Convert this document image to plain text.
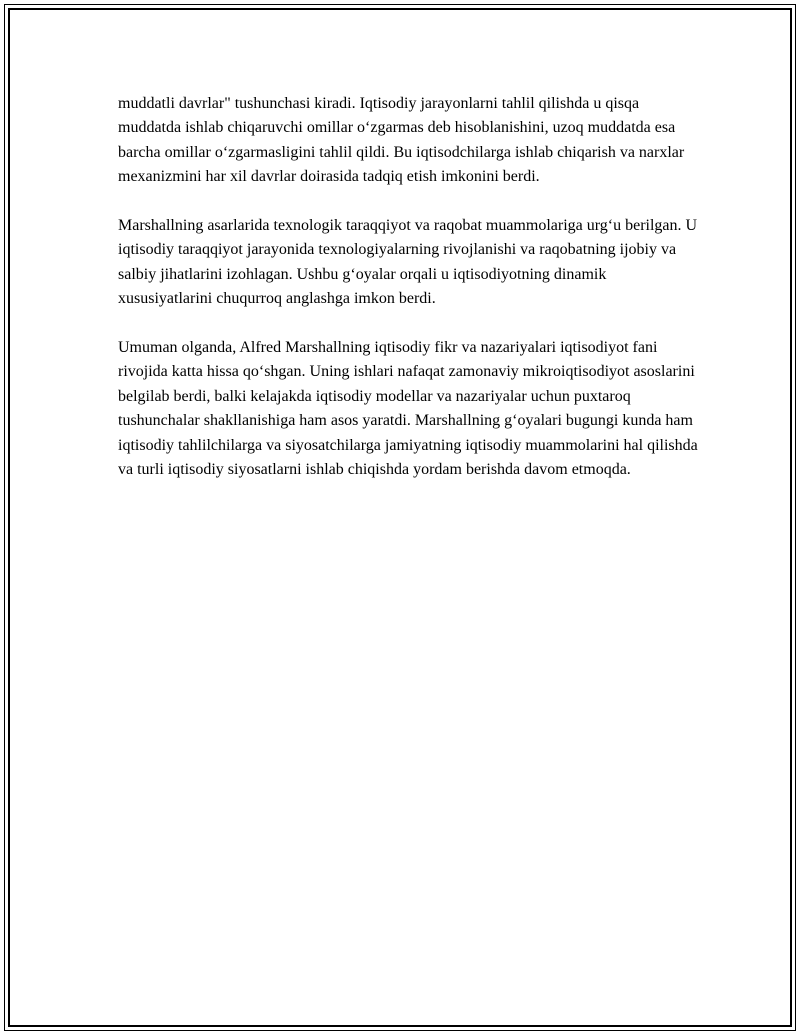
muddatli davrlar" tushunchasi kiradi. Iqtisodiy jarayonlarni tahlil qilishda u qisqa muddatda ishlab chiqaruvchi omillar o‘zgarmas deb hisoblanishini, uzoq muddatda esa barcha omillar o‘zgarmasligini tahlil qildi. Bu iqtisodchilarga ishlab chiqarish va narxlar mexanizmini har xil davrlar doirasida tadqiq etish imkonini berdi.

Marshallning asarlarida texnologik taraqqiyot va raqobat muammolariga urg‘u berilgan. U iqtisodiy taraqqiyot jarayonida texnologiyalarning rivojlanishi va raqobatning ijobiy va salbiy jihatlarini izohlagan. Ushbu g‘oyalar orqali u iqtisodiyotning dinamik xususiyatlarini chuqurroq anglashga imkon berdi.

Umuman olganda, Alfred Marshallning iqtisodiy fikr va nazariyalari iqtisodiyot fani rivojida katta hissa qo‘shgan. Uning ishlari nafaqat zamonaviy mikroiqtisodiyot asoslarini belgilab berdi, balki kelajakda iqtisodiy modellar va nazariyalar uchun puxtaroq tushunchalar shakllanishiga ham asos yaratdi. Marshallning g‘oyalari bugungi kunda ham iqtisodiy tahlilchilarga va siyosatchilarga jamiyatning iqtisodiy muammolarini hal qilishda va turli iqtisodiy siyosatlarni ishlab chiqishda yordam berishda davom etmoqda.
